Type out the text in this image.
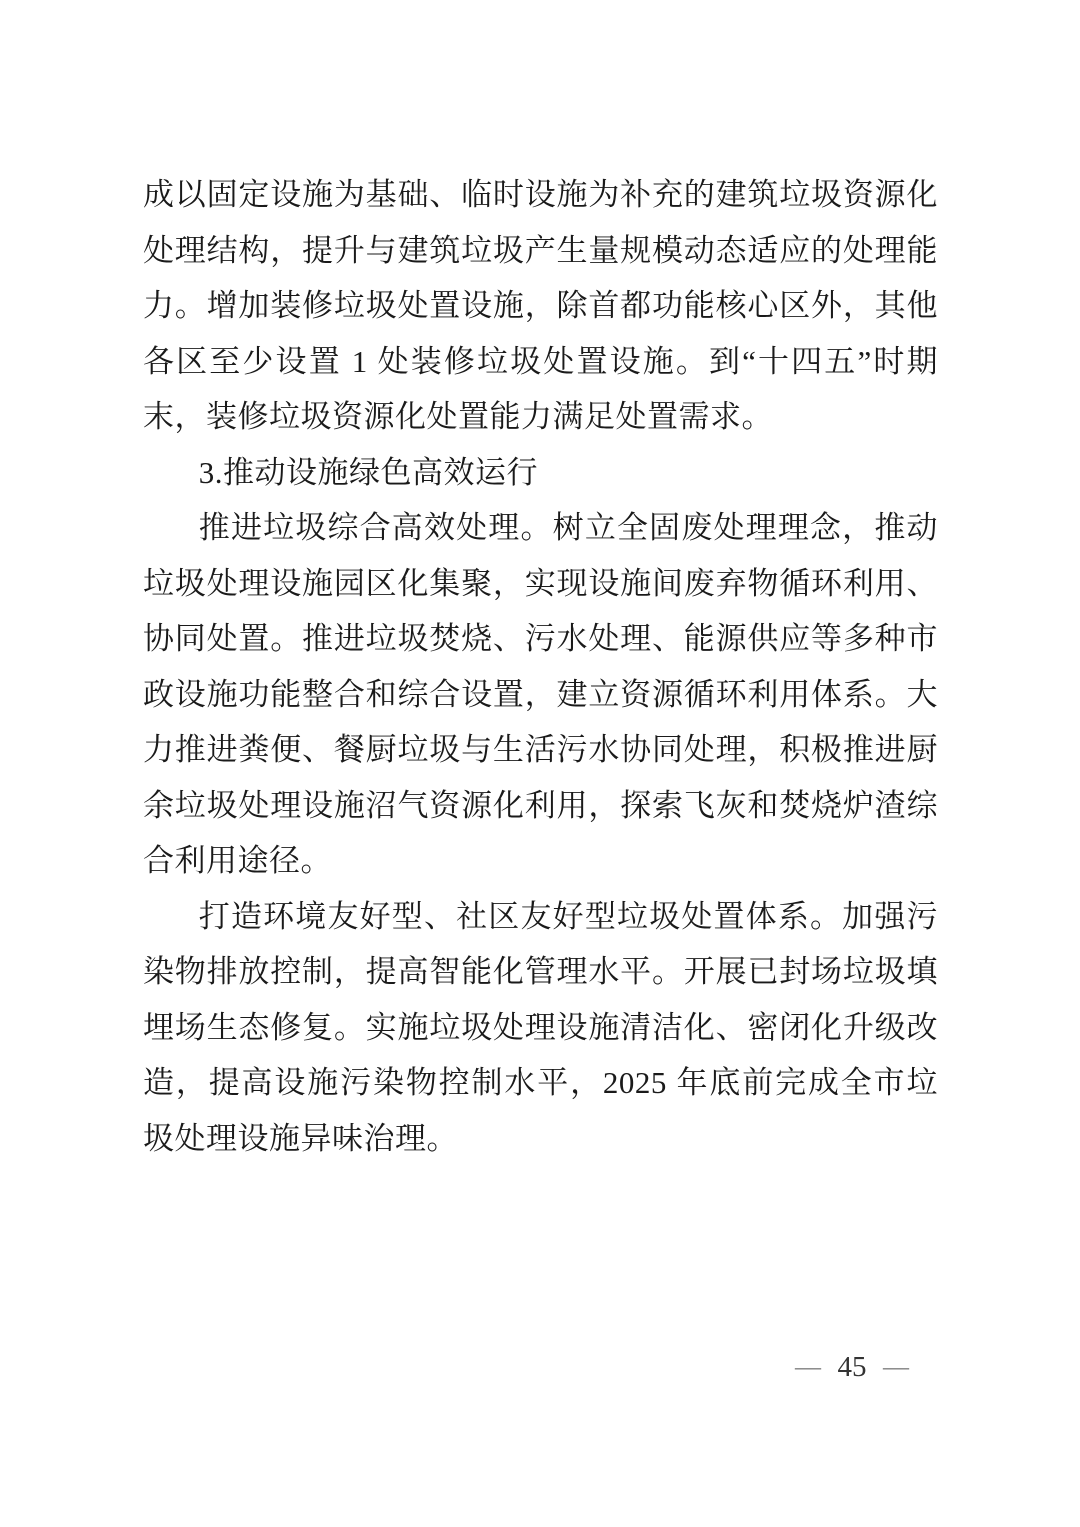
成以固定设施为基础、临时设施为补充的建筑垃圾资源化处理结构，提升与建筑垃圾产生量规模动态适应的处理能力。增加装修垃圾处置设施，除首都功能核心区外，其他各区至少设置 1 处装修垃圾处置设施。到“十四五”时期末，装修垃圾资源化处置能力满足处置需求。

3.推动设施绿色高效运行

推进垃圾综合高效处理。树立全固废处理理念，推动垃圾处理设施园区化集聚，实现设施间废弃物循环利用、协同处置。推进垃圾焚烧、污水处理、能源供应等多种市政设施功能整合和综合设置，建立资源循环利用体系。大力推进粪便、餐厨垃圾与生活污水协同处理，积极推进厨余垃圾处理设施沼气资源化利用，探索飞灰和焚烧炉渣综合利用途径。

打造环境友好型、社区友好型垃圾处置体系。加强污染物排放控制，提高智能化管理水平。开展已封场垃圾填埋场生态修复。实施垃圾处理设施清洁化、密闭化升级改造，提高设施污染物控制水平，2025 年底前完成全市垃圾处理设施异味治理。

— 45 —
